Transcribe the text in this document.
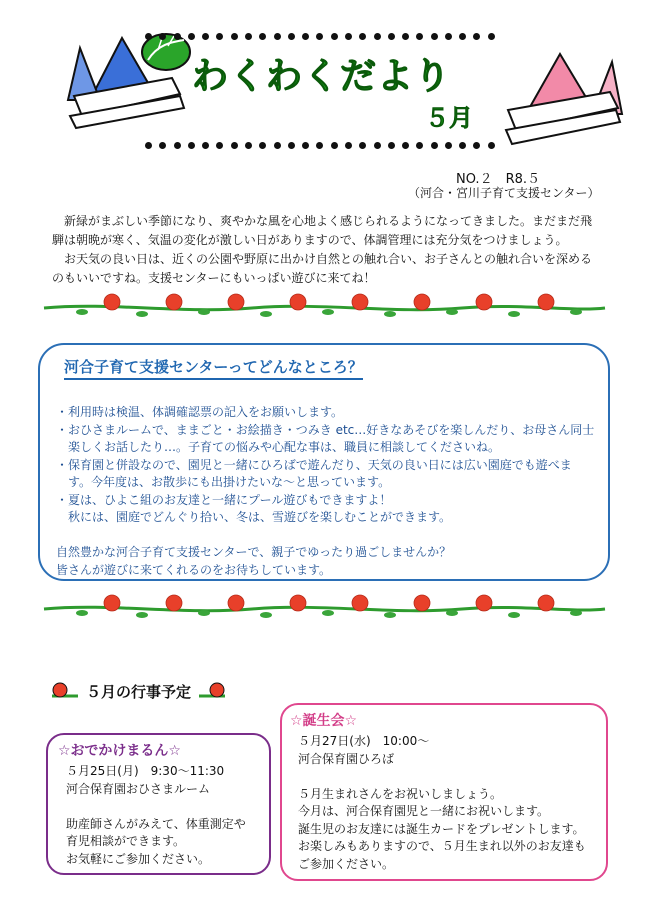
わくわくだより
５月
NO.２　R8.５
（河合・宮川子育て支援センター）

新緑がまぶしい季節になり、爽やかな風を心地よく感じられるようになってきました。まだまだ飛騨は朝晩が寒く、気温の変化が激しい日がありますので、体調管理には充分気をつけましょう。

お天気の良い日は、近くの公園や野原に出かけ自然との触れ合い、お子さんとの触れ合いを深めるのもいいですね。支援センターにもいっぱい遊びに来てね！

河合子育て支援センターってどんなところ？
・利用時は検温、体調確認票の記入をお願いします。
・おひさまルームで、ままごと・お絵描き・つみき etc…好きなあそびを楽しんだり、お母さん同士
　楽しくお話したり…。子育ての悩みや心配な事は、職員に相談してくださいね。
・保育園と併設なので、園児と一緒にひろばで遊んだり、天気の良い日には広い園庭でも遊べま
　す。今年度は、お散歩にも出掛けたいな～と思っています。
・夏は、ひよこ組のお友達と一緒にプール遊びもできますよ！
　秋には、園庭でどんぐり拾い、冬は、雪遊びを楽しむことができます。

自然豊かな河合子育て支援センターで、親子でゆったり過ごしませんか？
皆さんが遊びに来てくれるのをお待ちしています。
５月の行事予定
☆おでかけまるん☆
５月25日(月)　9:30～11:30
河合保育園おひさまルーム

助産師さんがみえて、体重測定や
育児相談ができます。
お気軽にご参加ください。
☆誕生会☆
５月27日(水)　10:00～
河合保育園ひろば

５月生まれさんをお祝いしましょう。
今月は、河合保育園児と一緒にお祝いします。
誕生児のお友達には誕生カードをプレゼントします。
お楽しみもありますので、５月生まれ以外のお友達も
ご参加ください。
